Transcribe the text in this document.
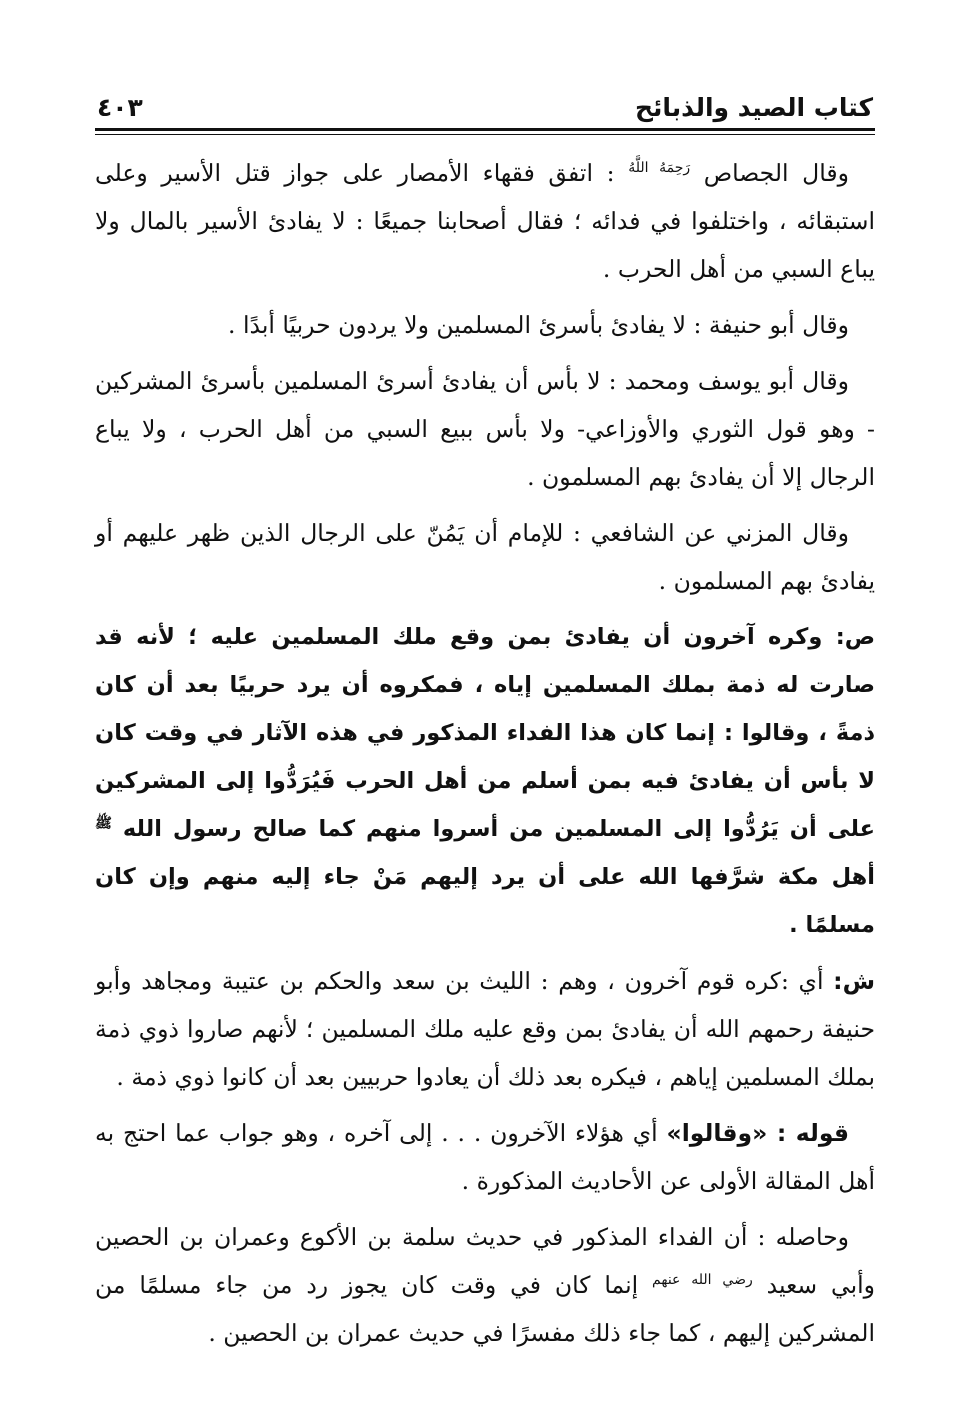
كتاب الصيد والذبائح
٤٠٣

وقال الجصاص $^{رَحِمَهُ اللَّهُ}$ : اتفق فقهاء الأمصار على جواز قتل الأسير وعلى استبقائه ، واختلفوا في فدائه ؛ فقال أصحابنا جميعًا : لا يفادئ الأسير بالمال ولا يباع السبي من أهل الحرب .

وقال أبو حنيفة : لا يفادئ بأسرئ المسلمين ولا يردون حربيًا أبدًا .

وقال أبو يوسف ومحمد : لا بأس أن يفادئ أسرئ المسلمين بأسرئ المشركين - وهو قول الثوري والأوزاعي- ولا بأس ببيع السبي من أهل الحرب ، ولا يباع الرجال إلا أن يفادئ بهم المسلمون .

وقال المزني عن الشافعي : للإمام أن يَمُنّ على الرجال الذين ظهر عليهم أو يفادئ بهم المسلمون .

ص: وكره آخرون أن يفادئ بمن وقع ملك المسلمين عليه ؛ لأنه قد صارت له ذمة بملك المسلمين إياه ، فمكروه أن يرد حربيًا بعد أن كان ذمةً ، وقالوا : إنما كان هذا الفداء المذكور في هذه الآثار في وقت كان لا بأس أن يفادئ فيه بمن أسلم من أهل الحرب فَيُرَدُّوا إلى المشركين على أن يَرُدُّوا إلى المسلمين من أسروا منهم كما صالح رسول الله $^ﷺ$ أهل مكة شرَّفها الله على أن يرد إليهم مَنْ جاء إليه منهم وإن كان مسلمًا .

ش: أي :كره قوم آخرون ، وهم : الليث بن سعد والحكم بن عتيبة ومجاهد وأبو حنيفة رحمهم الله أن يفادئ بمن وقع عليه ملك المسلمين ؛ لأنهم صاروا ذوي ذمة بملك المسلمين إياهم ، فيكره بعد ذلك أن يعادوا حربيين بعد أن كانوا ذوي ذمة .

قوله : «وقالوا» أي هؤلاء الآخرون . . . إلى آخره ، وهو جواب عما احتج به أهل المقالة الأولى عن الأحاديث المذكورة .

وحاصله : أن الفداء المذكور في حديث سلمة بن الأكوع وعمران بن الحصين وأبي سعيد $^{رضي الله عنهم}$ إنما كان في وقت كان يجوز رد من جاء مسلمًا من المشركين إليهم ، كما جاء ذلك مفسرًا في حديث عمران بن الحصين .
